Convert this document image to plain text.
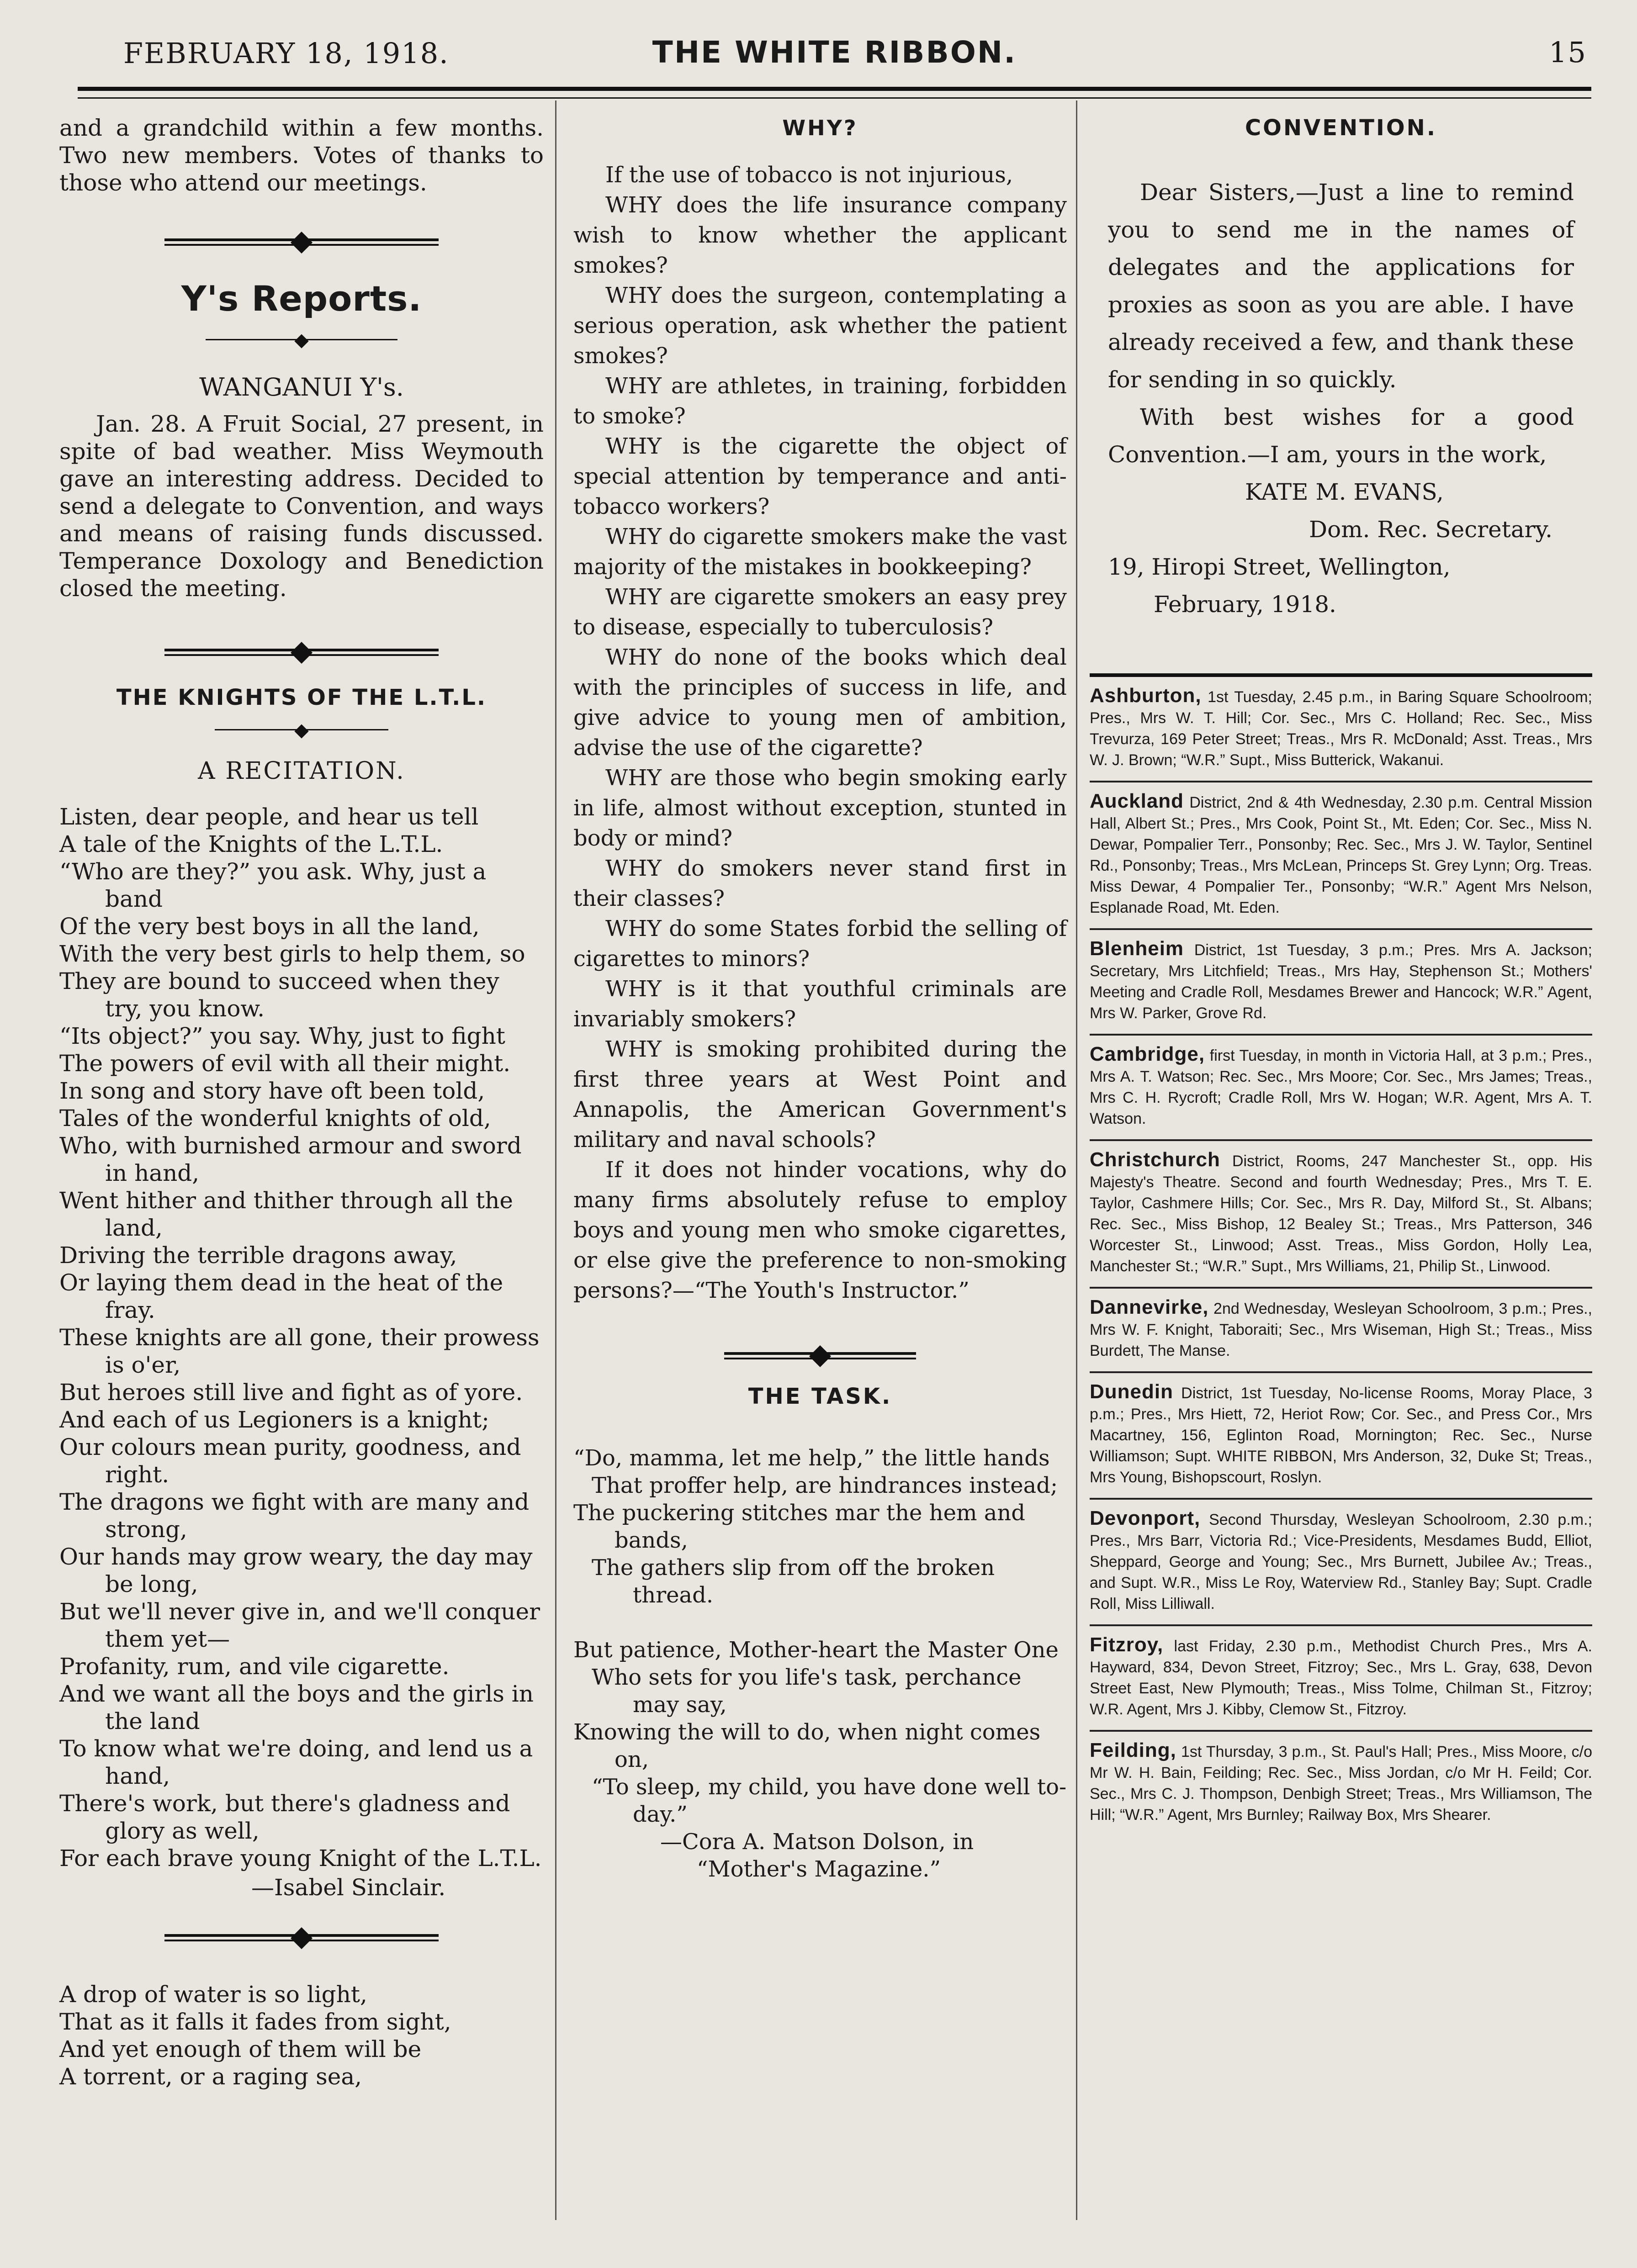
FEBRUARY 18, 1918.	THE WHITE RIBBON.	15

and a grandchild within a few months. Two new members. Votes of thanks to those who attend our meetings.

Y's Reports.

WANGANUI Y's.

Jan. 28. A Fruit Social, 27 present, in spite of bad weather. Miss Weymouth gave an interesting address. Decided to send a delegate to Convention, and ways and means of raising funds discussed. Temperance Doxology and Benediction closed the meeting.

THE KNIGHTS OF THE L.T.L.

A RECITATION.

Listen, dear people, and hear us tell

A tale of the Knights of the L.T.L.

“Who are they?” you ask. Why, just a band

Of the very best boys in all the land,

With the very best girls to help them, so

They are bound to succeed when they try, you know.

“Its object?” you say. Why, just to fight

The powers of evil with all their might.

In song and story have oft been told,

Tales of the wonderful knights of old,

Who, with burnished armour and sword in hand,

Went hither and thither through all the land,

Driving the terrible dragons away,

Or laying them dead in the heat of the fray.

These knights are all gone, their prowess is o'er,

But heroes still live and fight as of yore.

And each of us Legioners is a knight;

Our colours mean purity, goodness, and right.

The dragons we fight with are many and strong,

Our hands may grow weary, the day may be long,

But we'll never give in, and we'll conquer them yet—

Profanity, rum, and vile cigarette.

And we want all the boys and the girls in the land

To know what we're doing, and lend us a hand,

There's work, but there's gladness and glory as well,

For each brave young Knight of the L.T.L.

—Isabel Sinclair.

A drop of water is so light,

That as it falls it fades from sight,

And yet enough of them will be

A torrent, or a raging sea,

WHY?

If the use of tobacco is not injurious,

WHY does the life insurance company wish to know whether the applicant smokes?

WHY does the surgeon, contemplating a serious operation, ask whether the patient smokes?

WHY are athletes, in training, forbidden to smoke?

WHY is the cigarette the object of special attention by temperance and anti-tobacco workers?

WHY do cigarette smokers make the vast majority of the mistakes in bookkeeping?

WHY are cigarette smokers an easy prey to disease, especially to tuberculosis?

WHY do none of the books which deal with the principles of success in life, and give advice to young men of ambition, advise the use of the cigarette?

WHY are those who begin smoking early in life, almost without exception, stunted in body or mind?

WHY do smokers never stand first in their classes?

WHY do some States forbid the selling of cigarettes to minors?

WHY is it that youthful criminals are invariably smokers?

WHY is smoking prohibited during the first three years at West Point and Annapolis, the American Government's military and naval schools?

If it does not hinder vocations, why do many firms absolutely refuse to employ boys and young men who smoke cigarettes, or else give the preference to non-smoking persons?—“The Youth's Instructor.”

THE TASK.

“Do, mamma, let me help,” the little hands

That proffer help, are hindrances instead;

The puckering stitches mar the hem and bands,

The gathers slip from off the broken thread.

But patience, Mother-heart the Master One

Who sets for you life's task, perchance may say,

Knowing the will to do, when night comes on,

“To sleep, my child, you have done well to-day.”

—Cora A. Matson Dolson, in

“Mother's Magazine.”

CONVENTION.

Dear Sisters,—Just a line to remind you to send me in the names of delegates and the applications for proxies as soon as you are able. I have already received a few, and thank these for sending in so quickly.

With best wishes for a good Convention.—I am, yours in the work,

KATE M. EVANS,

Dom. Rec. Secretary.

19, Hiropi Street, Wellington,

February, 1918.

Ashburton, 1st Tuesday, 2.45 p.m., in Baring Square Schoolroom; Pres., Mrs W. T. Hill; Cor. Sec., Mrs C. Holland; Rec. Sec., Miss Trevurza, 169 Peter Street; Treas., Mrs R. McDonald; Asst. Treas., Mrs W. J. Brown; “W.R.” Supt., Miss Butterick, Wakanui.
Auckland District, 2nd & 4th Wednesday, 2.30 p.m. Central Mission Hall, Albert St.; Pres., Mrs Cook, Point St., Mt. Eden; Cor. Sec., Miss N. Dewar, Pompalier Terr., Ponsonby; Rec. Sec., Mrs J. W. Taylor, Sentinel Rd., Ponsonby; Treas., Mrs McLean, Princeps St. Grey Lynn; Org. Treas. Miss Dewar, 4 Pompalier Ter., Ponsonby; “W.R.” Agent Mrs Nelson, Esplanade Road, Mt. Eden.
Blenheim District, 1st Tuesday, 3 p.m.; Pres. Mrs A. Jackson; Secretary, Mrs Litchfield; Treas., Mrs Hay, Stephenson St.; Mothers' Meeting and Cradle Roll, Mesdames Brewer and Hancock; W.R.” Agent, Mrs W. Parker, Grove Rd.
Cambridge, first Tuesday, in month in Victoria Hall, at 3 p.m.; Pres., Mrs A. T. Watson; Rec. Sec., Mrs Moore; Cor. Sec., Mrs James; Treas., Mrs C. H. Rycroft; Cradle Roll, Mrs W. Hogan; W.R. Agent, Mrs A. T. Watson.
Christchurch District, Rooms, 247 Manchester St., opp. His Majesty's Theatre. Second and fourth Wednesday; Pres., Mrs T. E. Taylor, Cashmere Hills; Cor. Sec., Mrs R. Day, Milford St., St. Albans; Rec. Sec., Miss Bishop, 12 Bealey St.; Treas., Mrs Patterson, 346 Worcester St., Linwood; Asst. Treas., Miss Gordon, Holly Lea, Manchester St.; “W.R.” Supt., Mrs Williams, 21, Philip St., Linwood.
Dannevirke, 2nd Wednesday, Wesleyan Schoolroom, 3 p.m.; Pres., Mrs W. F. Knight, Taboraiti; Sec., Mrs Wiseman, High St.; Treas., Miss Burdett, The Manse.
Dunedin District, 1st Tuesday, No-license Rooms, Moray Place, 3 p.m.; Pres., Mrs Hiett, 72, Heriot Row; Cor. Sec., and Press Cor., Mrs Macartney, 156, Eglinton Road, Mornington; Rec. Sec., Nurse Williamson; Supt. WHITE RIBBON, Mrs Anderson, 32, Duke St; Treas., Mrs Young, Bishopscourt, Roslyn.
Devonport, Second Thursday, Wesleyan Schoolroom, 2.30 p.m.; Pres., Mrs Barr, Victoria Rd.; Vice-Presidents, Mesdames Budd, Elliot, Sheppard, George and Young; Sec., Mrs Burnett, Jubilee Av.; Treas., and Supt. W.R., Miss Le Roy, Waterview Rd., Stanley Bay; Supt. Cradle Roll, Miss Lilliwall.
Fitzroy, last Friday, 2.30 p.m., Methodist Church Pres., Mrs A. Hayward, 834, Devon Street, Fitzroy; Sec., Mrs L. Gray, 638, Devon Street East, New Plymouth; Treas., Miss Tolme, Chilman St., Fitzroy; W.R. Agent, Mrs J. Kibby, Clemow St., Fitzroy.
Feilding, 1st Thursday, 3 p.m., St. Paul's Hall; Pres., Miss Moore, c/o Mr W. H. Bain, Feilding; Rec. Sec., Miss Jordan, c/o Mr H. Feild; Cor. Sec., Mrs C. J. Thompson, Denbigh Street; Treas., Mrs Williamson, The Hill; “W.R.” Agent, Mrs Burnley; Railway Box, Mrs Shearer.
